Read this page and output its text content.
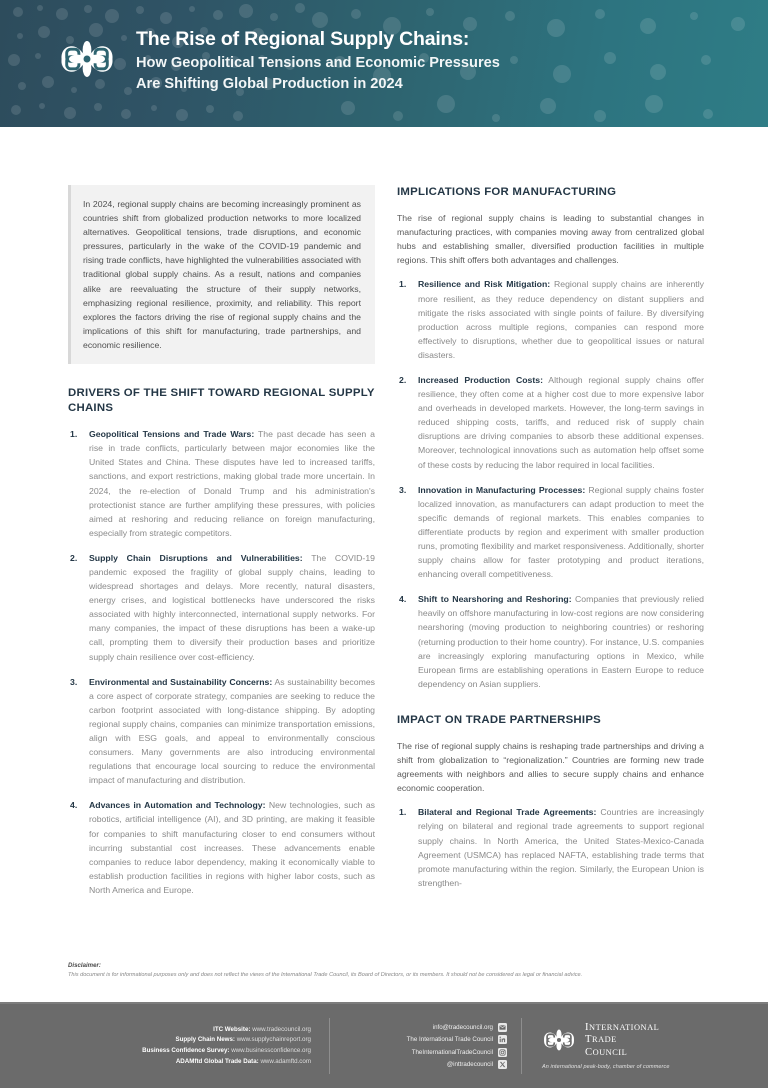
The Rise of Regional Supply Chains:

How Geopolitical Tensions and Economic Pressures

Are Shifting Global Production in 2024

In 2024, regional supply chains are becoming increasingly prominent as countries shift from globalized production networks to more localized alternatives. Geopolitical tensions, trade disruptions, and economic pressures, particularly in the wake of the COVID-19 pandemic and rising trade conflicts, have highlighted the vulnerabilities associated with traditional global supply chains. As a result, nations and companies alike are reevaluating the structure of their supply networks, emphasizing regional resilience, proximity, and reliability. This report explores the factors driving the rise of regional supply chains and the implications of this shift for manufacturing, trade partnerships, and economic resilience.

DRIVERS OF THE SHIFT TOWARD REGIONAL SUPPLY CHAINS
Geopolitical Tensions and Trade Wars: The past decade has seen a rise in trade conflicts, particularly between major economies like the United States and China. These disputes have led to increased tariffs, sanctions, and export restrictions, making global trade more uncertain. In 2024, the re-election of Donald Trump and his administration's protectionist stance are further amplifying these pressures, with policies aimed at reshoring and reducing reliance on foreign manufacturing, especially from strategic competitors.
Supply Chain Disruptions and Vulnerabilities: The COVID-19 pandemic exposed the fragility of global supply chains, leading to widespread shortages and delays. More recently, natural disasters, energy crises, and logistical bottlenecks have underscored the risks associated with highly interconnected, international supply networks. For many companies, the impact of these disruptions has been a wake-up call, prompting them to diversify their production bases and prioritize supply chain resilience over cost-efficiency.
Environmental and Sustainability Concerns: As sustainability becomes a core aspect of corporate strategy, companies are seeking to reduce the carbon footprint associated with long-distance shipping. By adopting regional supply chains, companies can minimize transportation emissions, align with ESG goals, and appeal to environmentally conscious consumers. Many governments are also introducing environmental regulations that encourage local sourcing to reduce the environmental impact of manufacturing and distribution.
Advances in Automation and Technology: New technologies, such as robotics, artificial intelligence (AI), and 3D printing, are making it feasible for companies to shift manufacturing closer to end consumers without incurring substantial cost increases. These advancements enable companies to reduce labor dependency, making it economically viable to establish production facilities in regions with higher labor costs, such as North America and Europe.
IMPLICATIONS FOR MANUFACTURING

The rise of regional supply chains is leading to substantial changes in manufacturing practices, with companies moving away from centralized global hubs and establishing smaller, diversified production facilities in multiple regions. This shift offers both advantages and challenges.

Resilience and Risk Mitigation: Regional supply chains are inherently more resilient, as they reduce dependency on distant suppliers and mitigate the risks associated with single points of failure. By diversifying production across multiple regions, companies can respond more effectively to disruptions, whether due to geopolitical issues or natural disasters.
Increased Production Costs: Although regional supply chains offer resilience, they often come at a higher cost due to more expensive labor and overheads in developed markets. However, the long-term savings in reduced shipping costs, tariffs, and reduced risk of supply chain disruptions are driving companies to absorb these additional expenses. Moreover, technological innovations such as automation help offset some of these costs by reducing the labor required in local facilities.
Innovation in Manufacturing Processes: Regional supply chains foster localized innovation, as manufacturers can adapt production to meet the specific demands of regional markets. This enables companies to differentiate products by region and experiment with smaller production runs, promoting flexibility and market responsiveness. Additionally, shorter supply chains allow for faster prototyping and product iterations, enhancing overall competitiveness.
Shift to Nearshoring and Reshoring: Companies that previously relied heavily on offshore manufacturing in low-cost regions are now considering nearshoring (moving production to neighboring countries) or reshoring (returning production to their home country). For instance, U.S. companies are increasingly exploring manufacturing options in Mexico, while European firms are establishing operations in Eastern Europe to reduce dependency on Asian suppliers.
IMPACT ON TRADE PARTNERSHIPS

The rise of regional supply chains is reshaping trade partnerships and driving a shift from globalization to “regionalization.” Countries are forming new trade agreements with neighbors and allies to secure supply chains and enhance economic cooperation.

Bilateral and Regional Trade Agreements: Countries are increasingly relying on bilateral and regional trade agreements to support regional supply chains. In North America, the United States-Mexico-Canada Agreement (USMCA) has replaced NAFTA, establishing trade terms that promote manufacturing within the region. Similarly, the European Union is strengthen-

Disclaimer:

This document is for informational purposes only and does not reflect the views of the International Trade Council, its Board of Directors, or its members. It should not be considered as legal or financial advice.

ITC Website: www.tradecouncil.org
Supply Chain News: www.supplychainreport.org
Business Confidence Survey: www.businessconfidence.org
ADAMftd Global Trade Data: www.adamftd.com
info@tradecouncil.org
The International Trade Council
TheInternationalTradeCouncil
@inttradecouncil
INTERNATIONAL
TRADE
COUNCIL
An international peak-body, chamber of commerce
